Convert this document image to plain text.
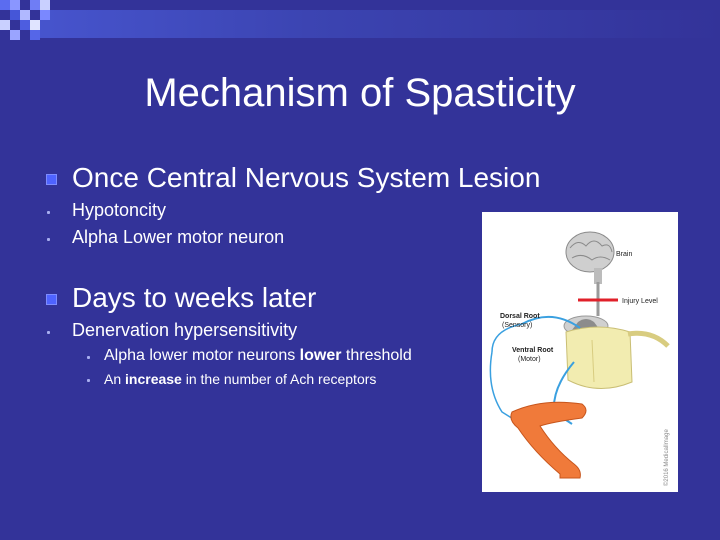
Mechanism of Spasticity
Once Central Nervous System Lesion
Hypotoncity
Alpha Lower motor neuron
Days to weeks later
Denervation hypersensitivity
Alpha lower motor neurons lower threshold
An increase in the number of Ach receptors
Brain
Injury Level
Dorsal Root
(Sensory)
Ventral Root
(Motor)
©2016 MedicalImage
